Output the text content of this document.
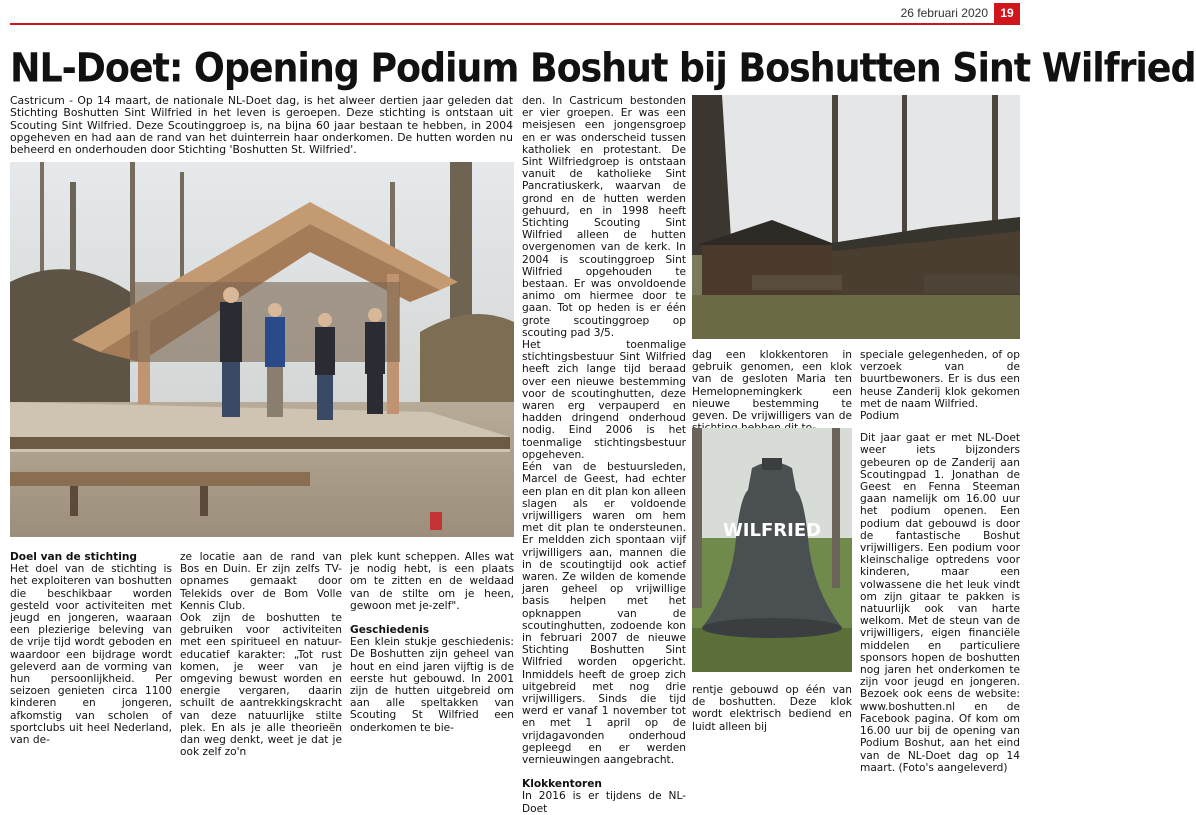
26 februari 2020	19
NL-Doet: Opening Podium Boshut bij Boshutten Sint Wilfried
Castricum - Op 14 maart, de nationale NL-Doet dag, is het alweer dertien jaar geleden dat Stichting Boshutten Sint Wilfried in het leven is geroepen. Deze stichting is ontstaan uit Scouting Sint Wilfried. Deze Scoutinggroep is, na bijna 60 jaar bestaan te hebben, in 2004 opgeheven en had aan de rand van het duinterrein haar onderkomen. De hutten worden nu beheerd en onderhouden door Stichting 'Boshutten St. Wilfried'.

Doel van de stichting

Het doel van de stichting is het exploiteren van boshutten die beschikbaar worden gesteld voor activiteiten met jeugd en jongeren, waaraan een plezierige beleving van de vrije tijd wordt geboden en waardoor een bijdrage wordt geleverd aan de vorming van hun persoonlijkheid. Per seizoen genieten circa 1100 kinderen en jongeren, afkomstig van scholen of sportclubs uit heel Nederland, van de-

ze locatie aan de rand van Bos en Duin. Er zijn zelfs TV-opnames gemaakt door Telekids over de Bom Volle Kennis Club.
Ook zijn de boshutten te gebruiken voor activiteiten met een spiritueel en natuur-educatief karakter: „Tot rust komen, je weer van je omgeving bewust worden en energie vergaren, daarin schuilt de aantrekkingskracht van deze natuurlijke stilte plek. En als je alle theorieën dan weg denkt, weet je dat je ook zelf zo'n

plek kunt scheppen. Alles wat je nodig hebt, is een plaats om te zitten en de weldaad van de stilte om je heen, gewoon met je-zelf".

Geschiedenis

Een klein stukje geschiedenis: De Boshutten zijn geheel van hout en eind jaren vijftig is de eerste hut gebouwd. In 2001 zijn de hutten uitgebreid om aan alle speltakken van Scouting St Wilfried een onderkomen te bie-

den. In Castricum bestonden er vier groepen. Er was een meisjesen een jongensgroep en er was onderscheid tussen katholiek en protestant. De Sint Wilfriedgroep is ontstaan vanuit de katholieke Sint Pancratiuskerk, waarvan de grond en de hutten werden gehuurd, en in 1998 heeft Stichting Scouting Sint Wilfried alleen de hutten overgenomen van de kerk. In 2004 is scoutinggroep Sint Wilfried opgehouden te bestaan. Er was onvoldoende animo om hiermee door te gaan. Tot op heden is er één grote scoutinggroep op scouting pad 3/5.
Het toenmalige stichtingsbestuur Sint Wilfried heeft zich lange tijd beraad over een nieuwe bestemming voor de scoutinghutten, deze waren erg verpauperd en hadden dringend onderhoud nodig. Eind 2006 is het toenmalige stichtingsbestuur opgeheven.
Eén van de bestuursleden, Marcel de Geest, had echter een plan en dit plan kon alleen slagen als er voldoende vrijwilligers waren om hem met dit plan te ondersteunen. Er meldden zich spontaan vijf vrijwilligers aan, mannen die in de scoutingtijd ook actief waren. Ze wilden de komende jaren geheel op vrijwillige basis helpen met het opknappen van de scoutinghutten, zodoende kon in februari 2007 de nieuwe Stichting Boshutten Sint Wilfried worden opgericht. Inmiddels heeft de groep zich uitgebreid met nog drie vrijwilligers. Sinds die tijd werd er vanaf 1 november tot en met 1 april op de vrijdagavonden onderhoud gepleegd en er werden vernieuwingen aangebracht.

Klokkentoren

In 2016 is er tijdens de NL-Doet

dag een klokkentoren in gebruik genomen, een klok van de gesloten Maria ten Hemelopnemingkerk een nieuwe bestemming te geven. De vrijwilligers van de
WILFRIED
rentje gebouwd op één van de boshutten. Deze klok wordt elektrisch bediend en luidt alleen bij

speciale gelegenheden, of op verzoek van de buurtbewoners. Er is dus een heuse Zanderij klok gekomen met de naam Wilfried.
Podium

Dit jaar gaat er met NL-Doet weer iets bijzonders gebeuren op de Zanderij aan Scoutingpad 1. Jonathan de Geest en Fenna Steeman gaan namelijk om 16.00 uur het podium openen. Een podium dat gebouwd is door de fantastische Boshut vrijwilligers. Een podium voor kleinschalige optredens voor kinderen, maar een volwassene die het leuk vindt om zijn gitaar te pakken is natuurlijk ook van harte welkom. Met de steun van de vrijwilligers, eigen financiële middelen en particuliere sponsors hopen de boshutten nog jaren het onderkomen te zijn voor jeugd en jongeren. Bezoek ook eens de website: www.boshutten.nl en de Facebook pagina. Of kom om 16.00 uur bij de opening van Podium Boshut, aan het eind van de NL-Doet dag op 14 maart. (Foto's aangeleverd)
